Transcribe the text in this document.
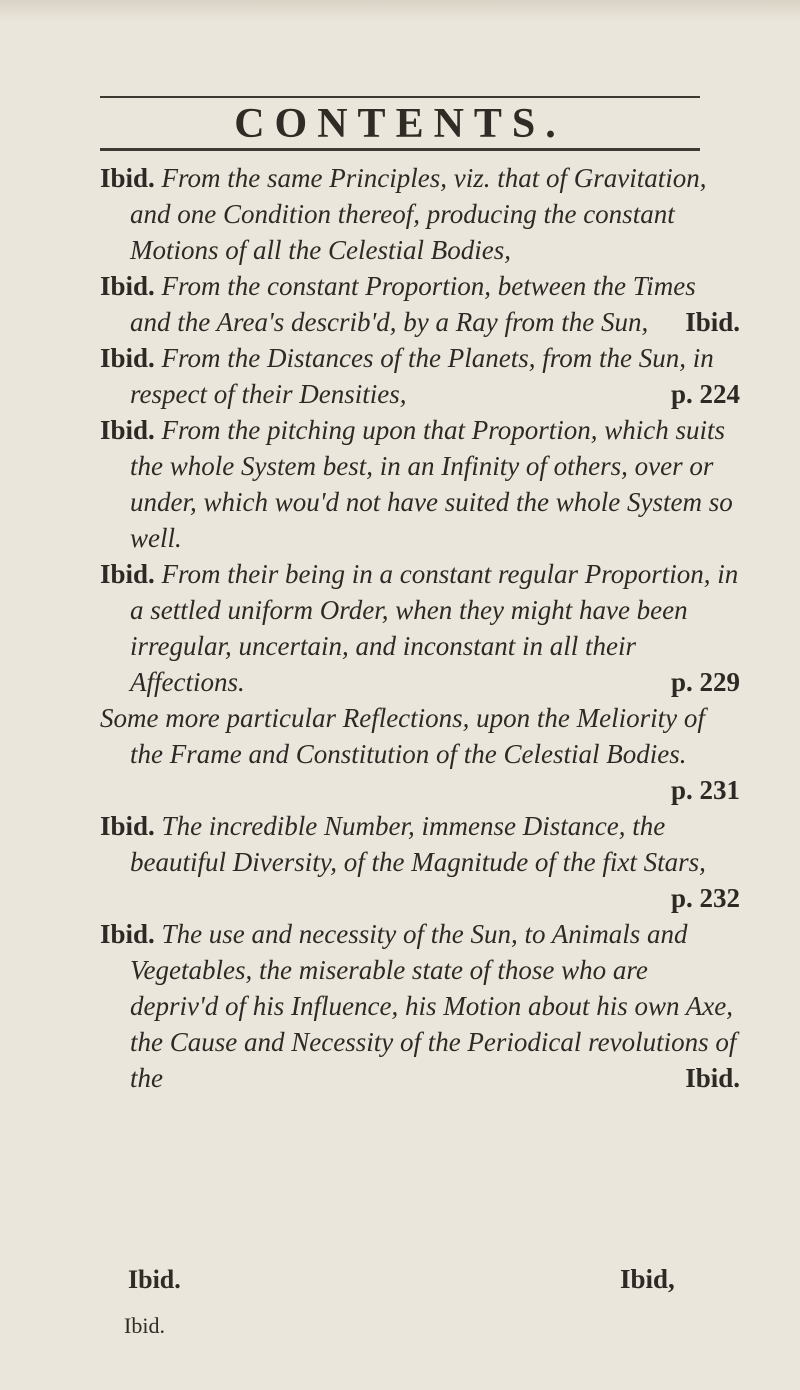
CONTENTS.
Ibid. From the same Principles, viz. that of Gravitation, and one Condition thereof, producing the constant Motions of all the Celestial Bodies,
Ibid. From the constant Proportion, between the Times and the Area's describ'd, by a Ray from the Sun,	Ibid.
Ibid. From the Distances of the Planets, from the Sun, in respect of their Densities,	p. 224
Ibid. From the pitching upon that Proportion, which suits the whole System best, in an Infinity of others, over or under, which wou'd not have suited the whole System so well.
Ibid. From their being in a constant regular Proportion, in a settled uniform Order, when they might have been irregular, uncertain, and inconstant in all their Affections.	p. 229
Some more particular Reflections, upon the Meliority of the Frame and Constitution of the Celestial Bodies.
p. 231
Ibid. The incredible Number, immense Distance, the beautiful Diversity, of the Magnitude of the fixt Stars,
p. 232
Ibid. The use and necessity of the Sun, to Animals and Vegetables, the miserable state of those who are depriv'd of his Influence, his Motion about his own Axe, the Cause and Necessity of the Periodical revolutions of the	Ibid.
Ibid.	Ibid,
Ibid.
